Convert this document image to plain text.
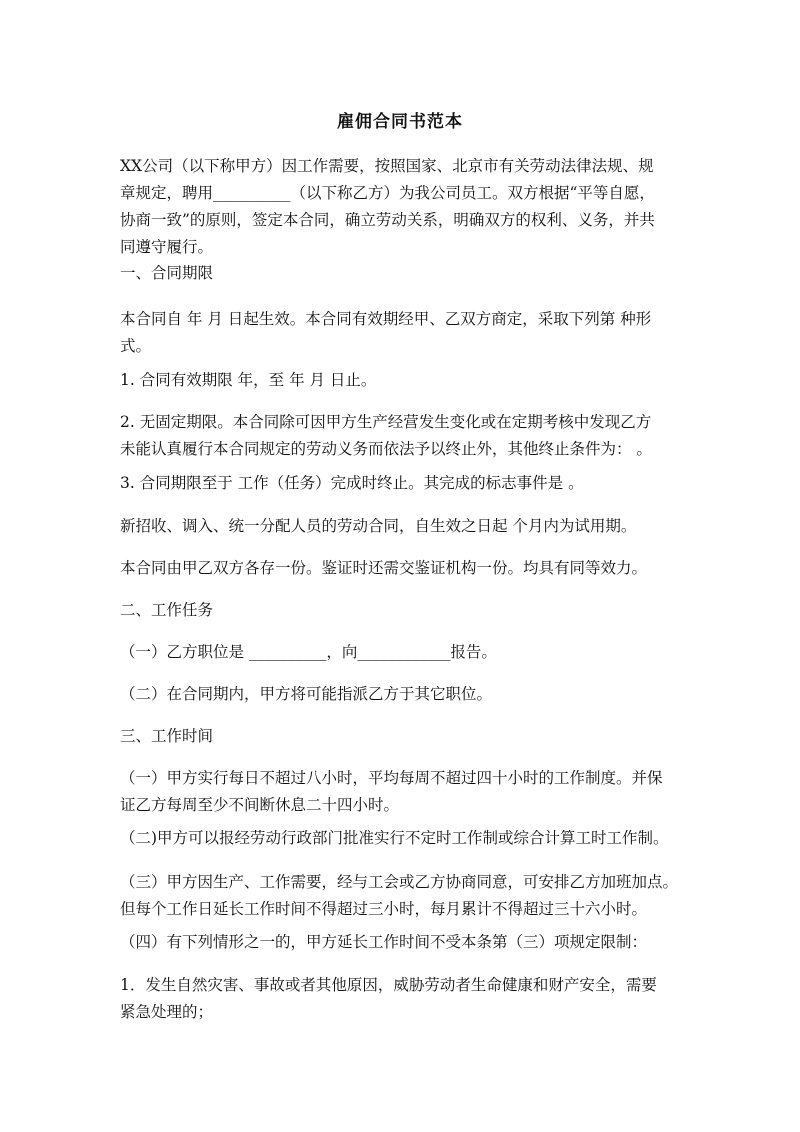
雇佣合同书范本
XX公司（以下称甲方）因工作需要，按照国家、北京市有关劳动法律法规、规
章规定，聘用__________（以下称乙方）为我公司员工。双方根据“平等自愿，
协商一致”的原则，签定本合同，确立劳动关系，明确双方的权利、义务，并共
同遵守履行。
一、合同期限
本合同自 年 月 日起生效。本合同有效期经甲、乙双方商定，采取下列第 种形
式。
1. 合同有效期限 年，至 年 月 日止。
2. 无固定期限。本合同除可因甲方生产经营发生变化或在定期考核中发现乙方
未能认真履行本合同规定的劳动义务而依法予以终止外，其他终止条件为： 。
3. 合同期限至于 工作（任务）完成时终止。其完成的标志事件是 。
新招收、调入、统一分配人员的劳动合同，自生效之日起 个月内为试用期。
本合同由甲乙双方各存一份。鉴证时还需交鉴证机构一份。均具有同等效力。
二、工作任务
（一）乙方职位是 __________，向____________报告。
（二）在合同期内，甲方将可能指派乙方于其它职位。
三、工作时间
（一）甲方实行每日不超过八小时，平均每周不超过四十小时的工作制度。并保
证乙方每周至少不间断休息二十四小时。
（二)甲方可以报经劳动行政部门批准实行不定时工作制或综合计算工时工作制。
（三）甲方因生产、工作需要，经与工会或乙方协商同意，可安排乙方加班加点。
但每个工作日延长工作时间不得超过三小时，每月累计不得超过三十六小时。
（四）有下列情形之一的，甲方延长工作时间不受本条第（三）项规定限制：
1．发生自然灾害、事故或者其他原因，威胁劳动者生命健康和财产安全，需要
紧急处理的；
